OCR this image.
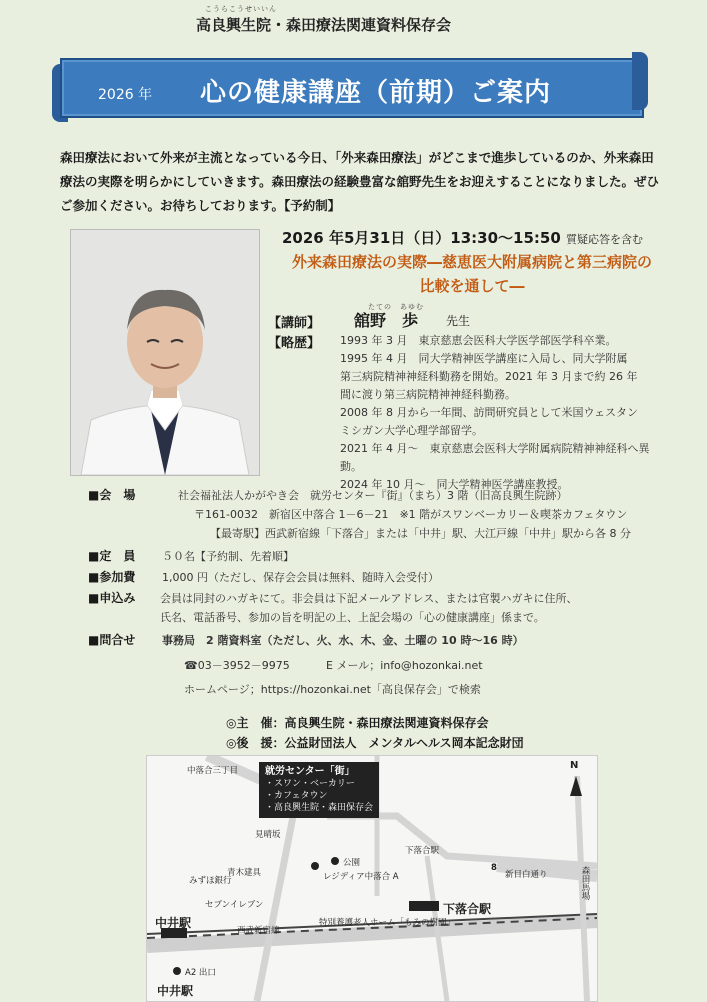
こうらこうせいいん
高良興生院・森田療法関連資料保存会
2026 年 心の健康講座（前期）ご案内
森田療法において外来が主流となっている今日、「外来森田療法」がどこまで進歩しているのか、外来森田療法の実際を明らかにしていきます。森田療法の経験豊富な舘野先生をお迎えすることになりました。ぜひご参加ください。お待ちしております。【予約制】
2026 年5月31日（日）13:30～15:50 質疑応答を含む
外来森田療法の実際―慈恵医大附属病院と第三病院の比較を通して―
【講師】
たての あゆむ
舘野　歩 先生
【略歴】 1993 年 3 月　東京慈恵会医科大学医学部医学科卒業。
1995 年 4 月　同大学精神医学講座に入局し、同大学附属
第三病院精神神経科勤務を開始。2021 年 3 月まで約 26 年
間に渡り第三病院精神神経科勤務。
2008 年 8 月から一年間、訪問研究員として米国ウェスタン
ミシガン大学心理学部留学。
2021 年 4 月～　東京慈恵会医科大学附属病院精神神経科へ異動。
2024 年 10 月～　同大学精神医学講座教授。
■会　場	社会福祉法人かがやき会　就労センター『街』（まち）3 階（旧高良興生院跡）
〒161-0032　新宿区中落合 1－6－21　※1 階がスワンベーカリー＆喫茶カフェタウン
【最寄駅】西武新宿線「下落合」または「中井」駅、大江戸線「中井」駅から各 8 分
■定　員 ５０名【予約制、先着順】
■参加費 1,000 円（ただし、保存会会員は無料、随時入会受付）
■申込み 会員は同封のハガキにて。非会員は下記メールアドレス、または官製ハガキに住所、
氏名、電話番号、参加の旨を明記の上、上記会場の「心の健康講座」係まで。
■問合せ 事務局　2 階資料室（ただし、火、水、木、金、土曜の 10 時～16 時）
☎03－3952－9975	E メール；info@hozonkai.net
ホームページ；https://hozonkai.net「高良保存会」で検索
◎主　催：高良興生院・森田療法関連資料保存会
◎後　援：公益財団法人　メンタルヘルス岡本記念財団
就労センター「街」
・スワン・ベーカリー
・カフェタウン
・高良興生院・森田保存会
N
中落合三丁目
見晴坂
青木建具
みずほ銀行
セブンイレブン
公園
レジディア中落合 A
下落合駅
8
新目白通り
特別養護老人ホーム「もみの樹園」
西武新宿線
下落合駅
中井駅
A2 出口
中井駅
森田馬場
